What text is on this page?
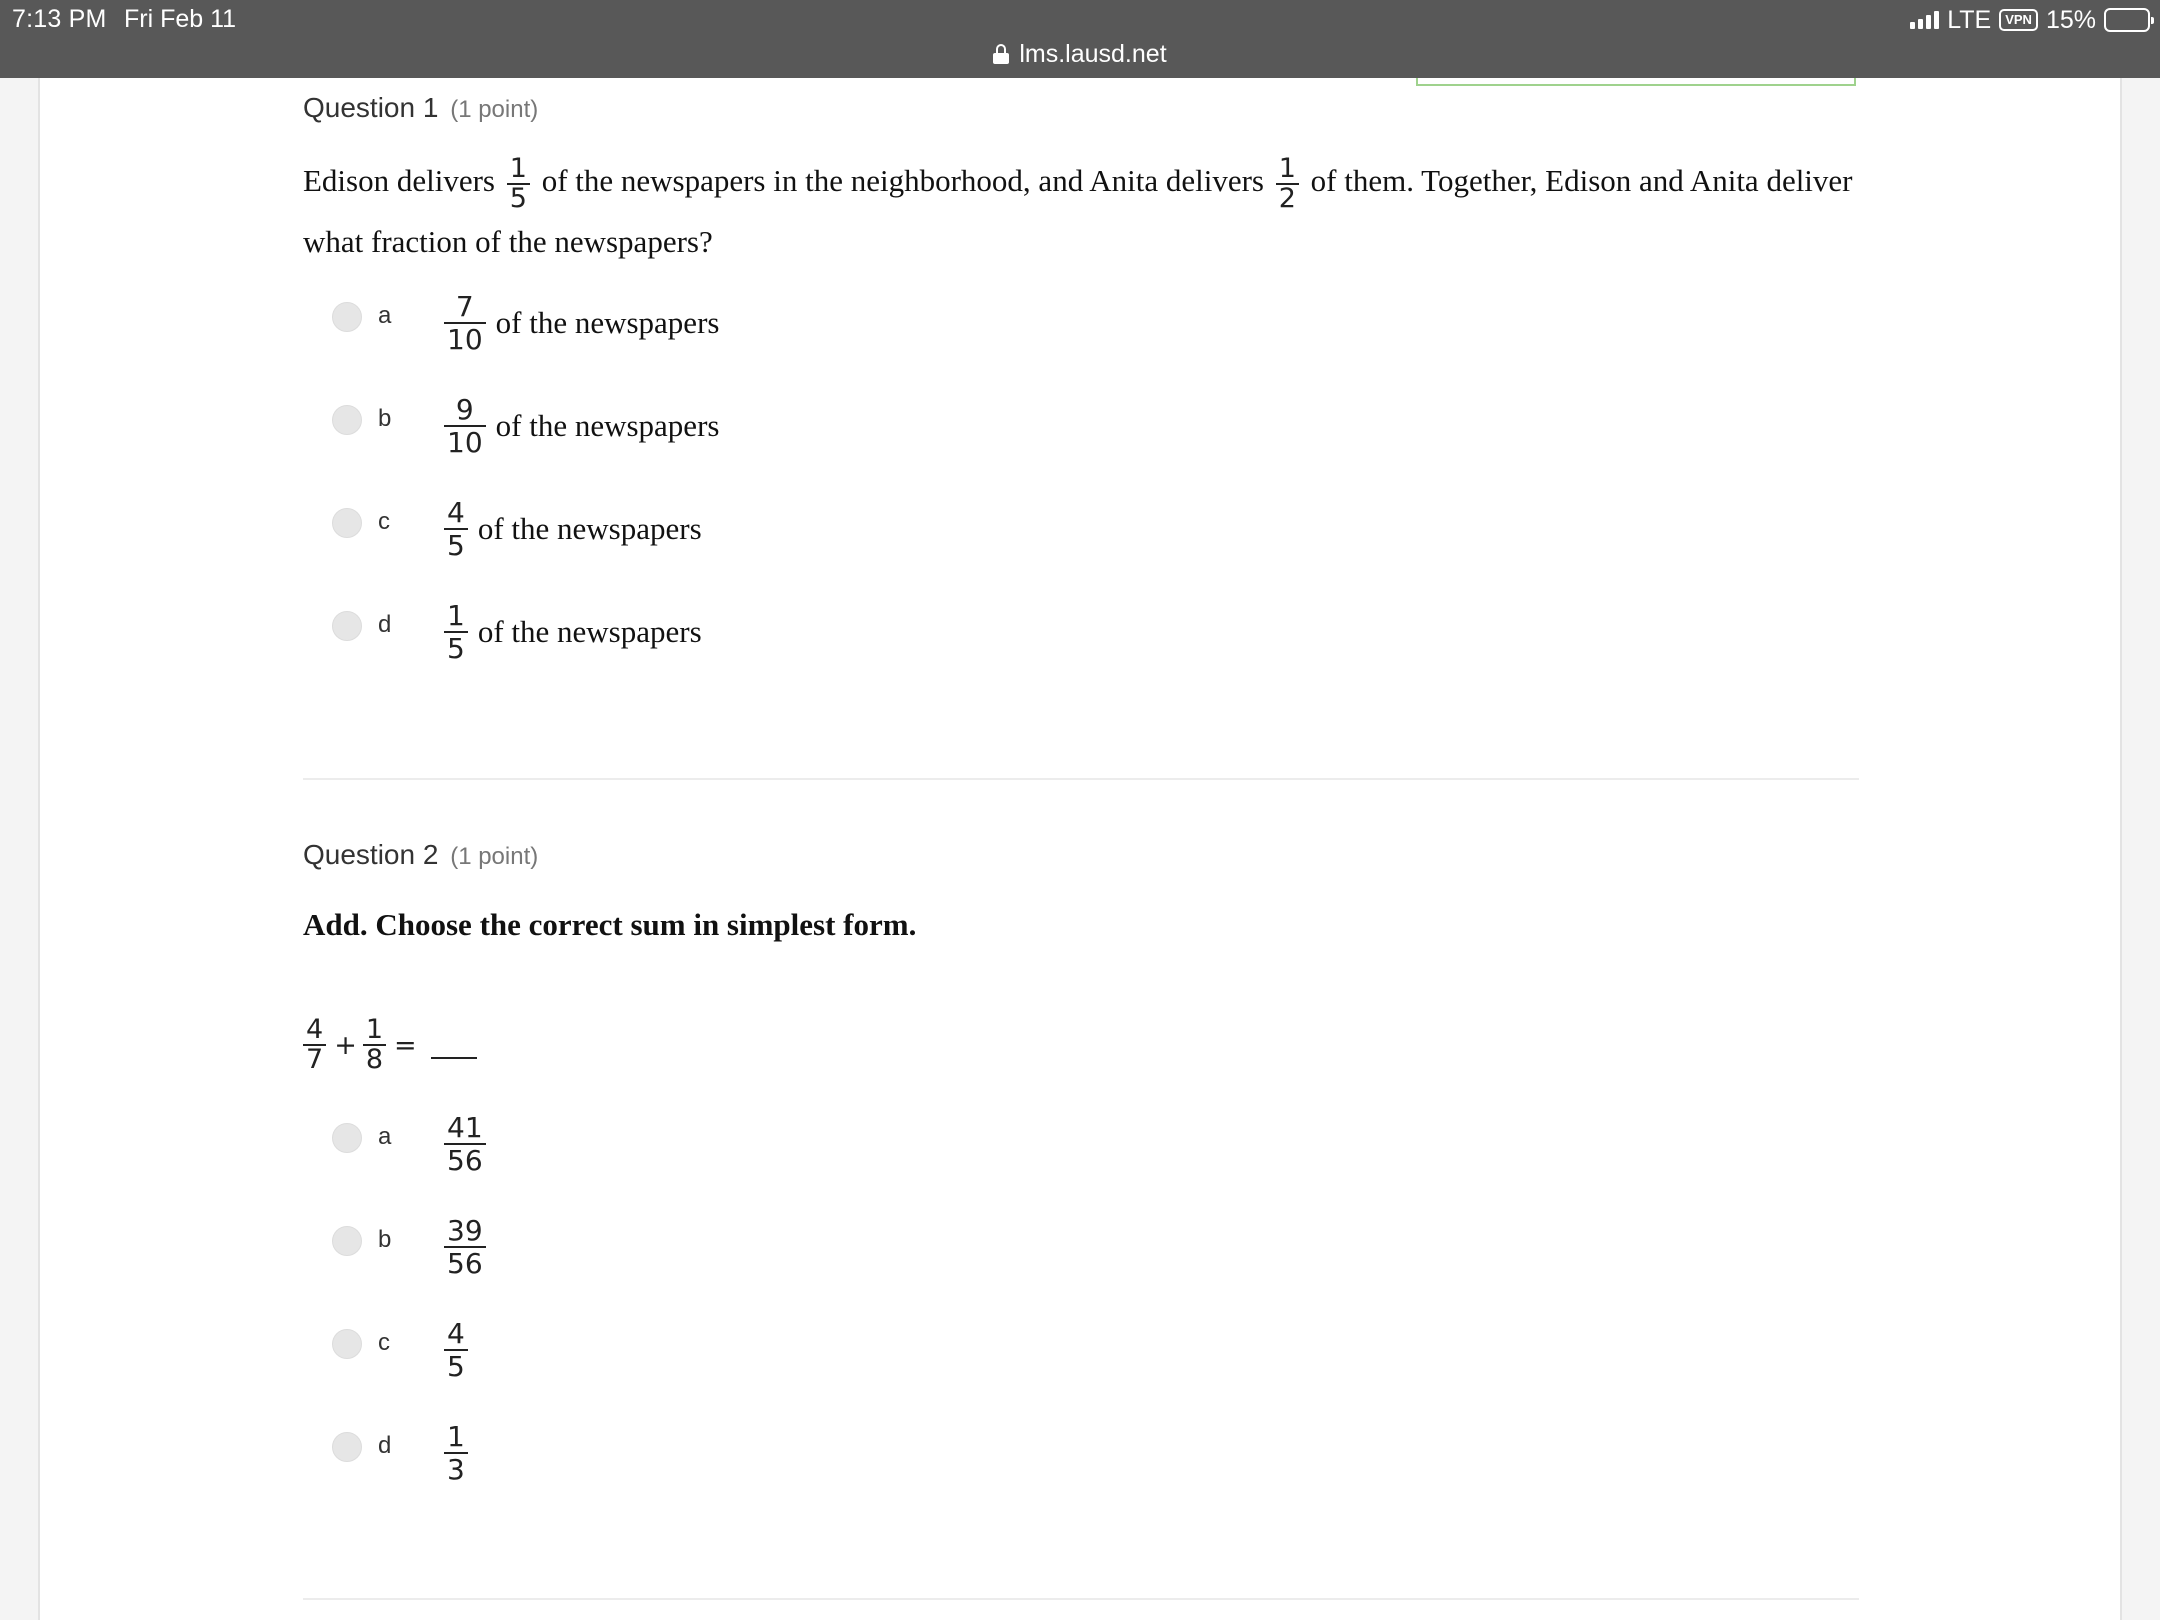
7:13 PM Fri Feb 11	LTE	VPN 15%
lms.lausd.net
Question 1 (1 point)
Edison delivers $\frac{1}{5}$ of the newspapers in the neighborhood, and Anita delivers $\frac{1}{2}$ of them. Together, Edison and Anita deliver what fraction of the newspapers?
a $\frac{7}{10}$ of the newspapers
b $\frac{9}{10}$ of the newspapers
c $\frac{4}{5}$ of the newspapers
d $\frac{1}{5}$ of the newspapers
Question 2 (1 point)
Add. Choose the correct sum in simplest form.
$\frac{4}{7} + \frac{1}{8}$ =
a $\frac{41}{56}$
b $\frac{39}{56}$
c $\frac{4}{5}$
d $\frac{1}{3}$
